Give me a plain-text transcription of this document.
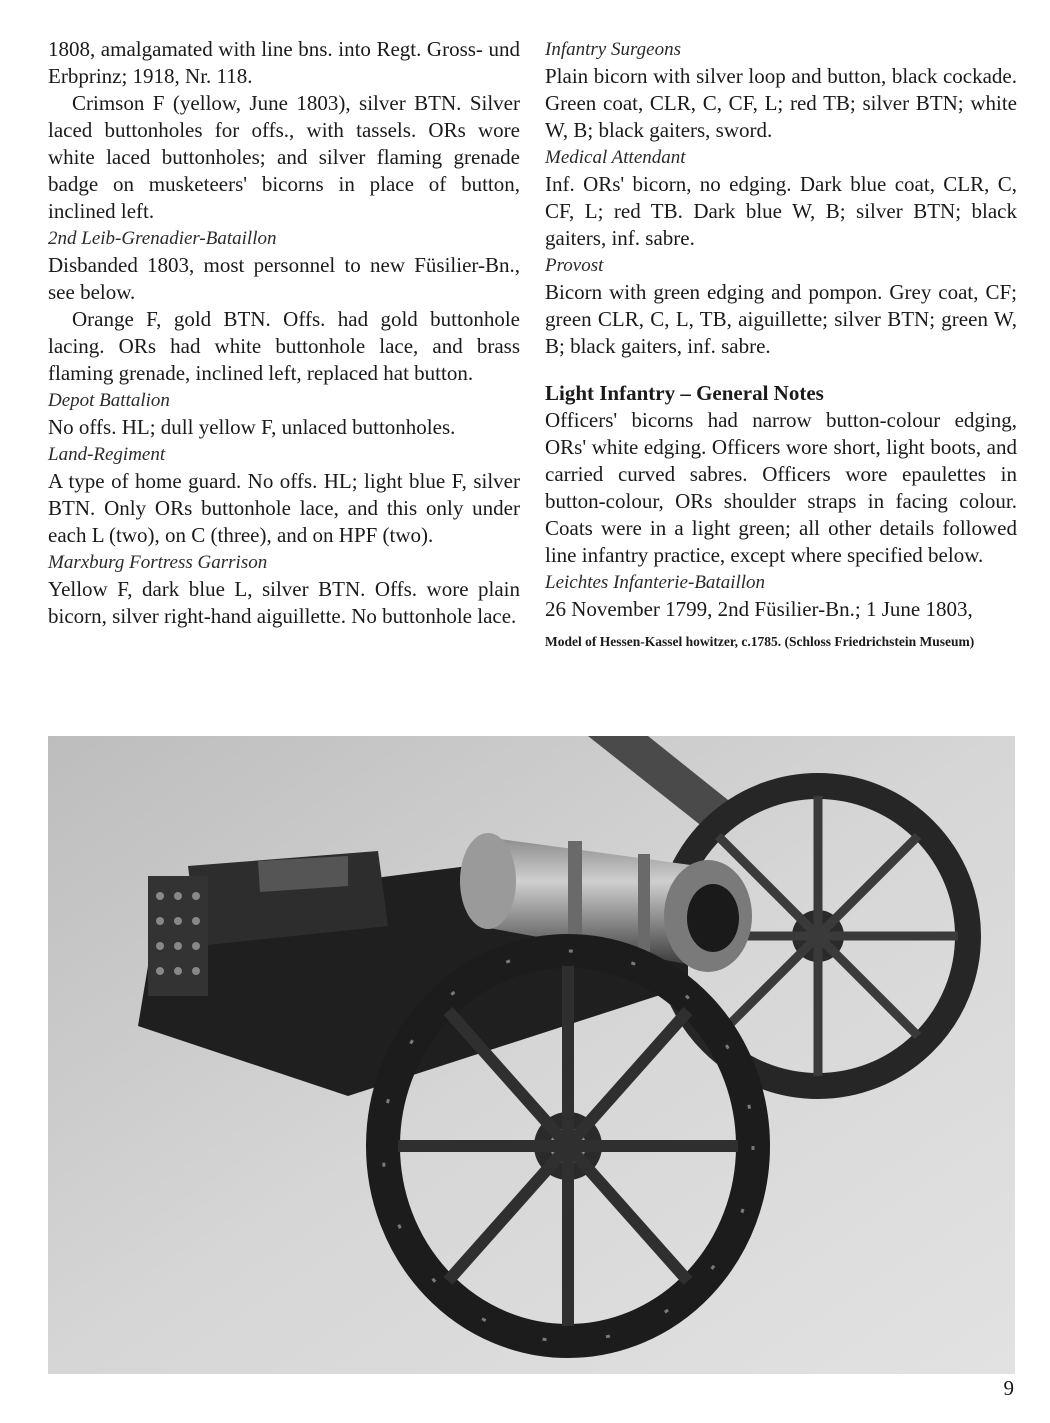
1808, amalgamated with line bns. into Regt. Gross- und Erbprinz; 1918, Nr. 118.

Crimson F (yellow, June 1803), silver BTN. Silver laced buttonholes for offs., with tassels. ORs wore white laced buttonholes; and silver flaming grenade badge on musketeers' bicorns in place of button, inclined left.

2nd Leib-Grenadier-Bataillon

Disbanded 1803, most personnel to new Füsilier-Bn., see below.

Orange F, gold BTN. Offs. had gold buttonhole lacing. ORs had white buttonhole lace, and brass flaming grenade, inclined left, replaced hat button.

Depot Battalion

No offs. HL; dull yellow F, unlaced buttonholes.

Land-Regiment

A type of home guard. No offs. HL; light blue F, silver BTN. Only ORs buttonhole lace, and this only under each L (two), on C (three), and on HPF (two).

Marxburg Fortress Garrison

Yellow F, dark blue L, silver BTN. Offs. wore plain bicorn, silver right-hand aiguillette. No buttonhole lace.

Infantry Surgeons

Plain bicorn with silver loop and button, black cockade. Green coat, CLR, C, CF, L; red TB; silver BTN; white W, B; black gaiters, sword.

Medical Attendant

Inf. ORs' bicorn, no edging. Dark blue coat, CLR, C, CF, L; red TB. Dark blue W, B; silver BTN; black gaiters, inf. sabre.

Provost

Bicorn with green edging and pompon. Grey coat, CF; green CLR, C, L, TB, aiguillette; silver BTN; green W, B; black gaiters, inf. sabre.

Light Infantry – General Notes

Officers' bicorns had narrow button-colour edging, ORs' white edging. Officers wore short, light boots, and carried curved sabres. Officers wore epaulettes in button-colour, ORs shoulder straps in facing colour. Coats were in a light green; all other details followed line infantry practice, except where specified below.

Leichtes Infanterie-Bataillon

26 November 1799, 2nd Füsilier-Bn.; 1 June 1803,

Model of Hessen-Kassel howitzer, c.1785. (Schloss Friedrichstein Museum)
9
